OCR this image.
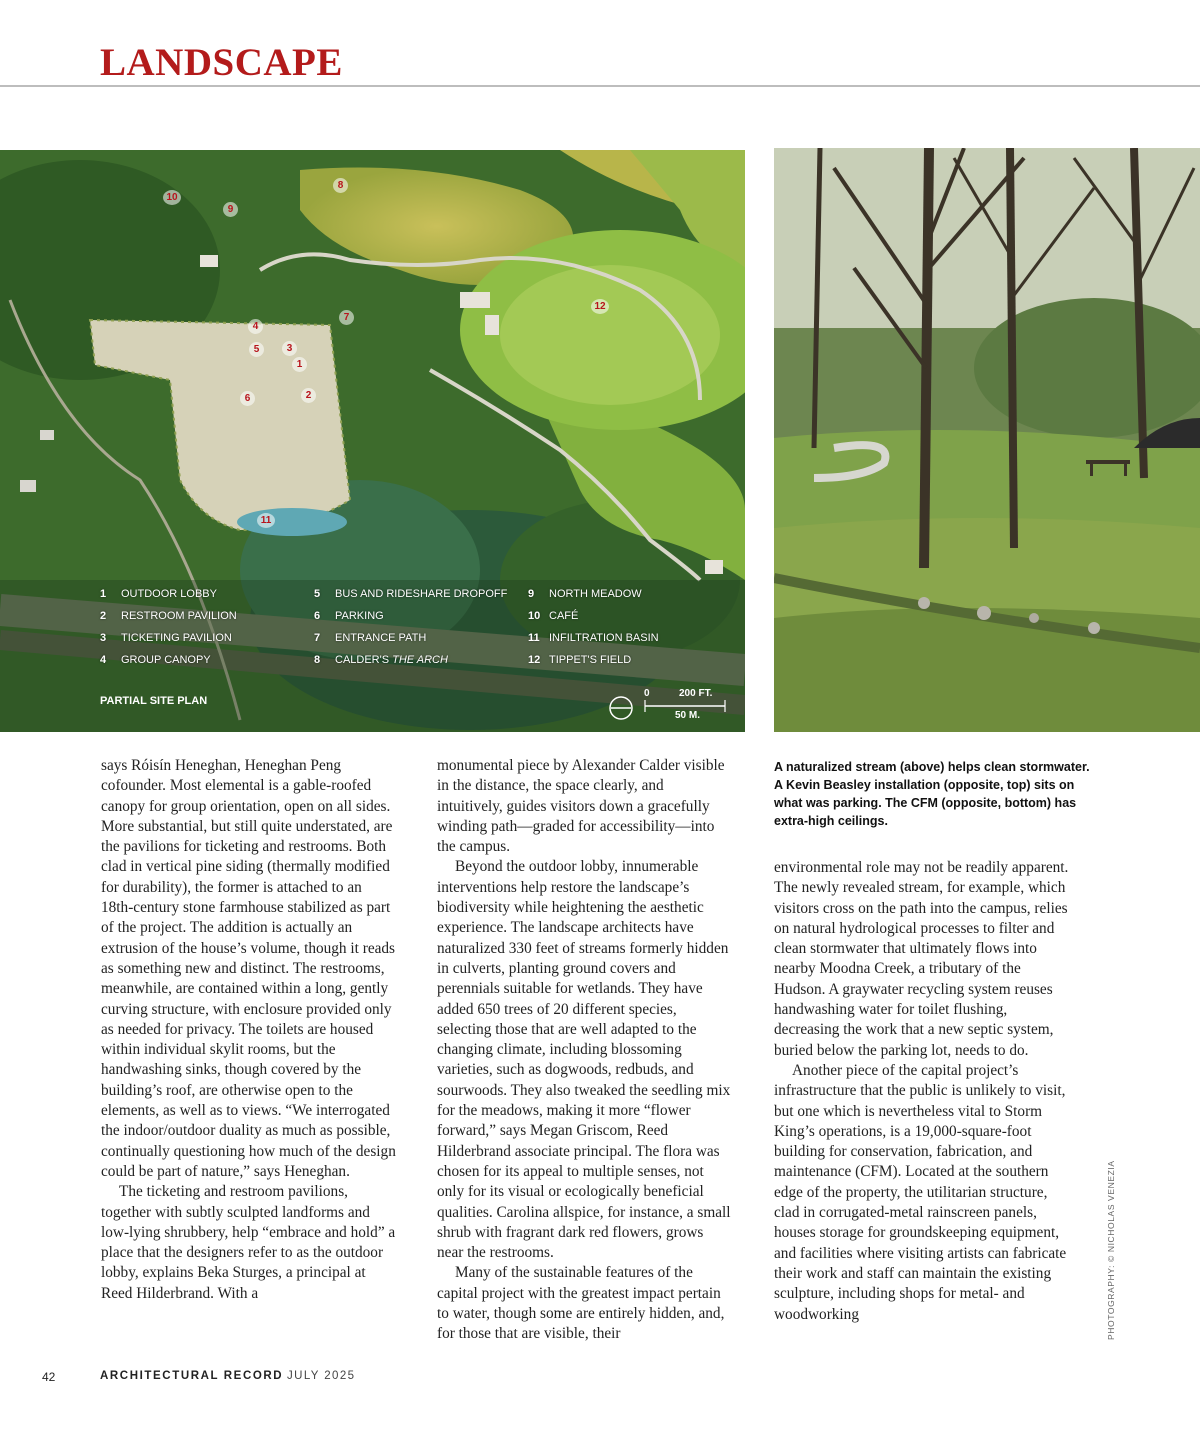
LANDSCAPE
1
2
3
4
5
6
7
8
9
10
11
12
PARTIAL SITE PLAN
0	200 FT.
50 M.
1 OUTDOOR LOBBY
2 RESTROOM PAVILION
3 TICKETING PAVILION
4 GROUP CANOPY
5 BUS AND RIDESHARE DROPOFF
6 PARKING
7 ENTRANCE PATH
8 CALDER'S THE ARCH
9 NORTH MEADOW
10 CAFÉ
11 INFILTRATION BASIN
12 TIPPET'S FIELD
A naturalized stream (above) helps clean stormwater. A Kevin Beasley installation (opposite, top) sits on what was parking. The CFM (opposite, bottom) has extra-high ceilings.

says Róisín Heneghan, Heneghan Peng cofounder. Most elemental is a gable-roofed canopy for group orientation, open on all sides. More substantial, but still quite understated, are the pavilions for ticketing and restrooms. Both clad in vertical pine siding (thermally modified for durability), the former is attached to an 18th-century stone farmhouse stabilized as part of the project. The addition is actually an extrusion of the house’s volume, though it reads as something new and distinct. The restrooms, meanwhile, are contained within a long, gently curving structure, with enclosure provided only as needed for privacy. The toilets are housed within individual skylit rooms, but the handwashing sinks, though covered by the building’s roof, are otherwise open to the elements, as well as to views. “We interrogated the indoor/outdoor duality as much as possible, continually questioning how much of the design could be part of nature,” says Heneghan.

The ticketing and restroom pavilions, together with subtly sculpted landforms and low-lying shrubbery, help “embrace and hold” a place that the designers refer to as the outdoor lobby, explains Beka Sturges, a principal at Reed Hilderbrand. With a

monumental piece by Alexander Calder visible in the distance, the space clearly, and intuitively, guides visitors down a gracefully winding path—graded for accessibility—into the campus.

Beyond the outdoor lobby, innumerable interventions help restore the landscape’s biodiversity while heightening the aesthetic experience. The landscape architects have naturalized 330 feet of streams formerly hidden in culverts, planting ground covers and perennials suitable for wetlands. They have added 650 trees of 20 different species, selecting those that are well adapted to the changing climate, including blossoming varieties, such as dogwoods, redbuds, and sourwoods. They also tweaked the seedling mix for the meadows, making it more “flower forward,” says Megan Griscom, Reed Hilderbrand associate principal. The flora was chosen for its appeal to multiple senses, not only for its visual or ecologically beneficial qualities. Carolina allspice, for instance, a small shrub with fragrant dark red flowers, grows near the restrooms.

Many of the sustainable features of the capital project with the greatest impact pertain to water, though some are entirely hidden, and, for those that are visible, their

environmental role may not be readily apparent. The newly revealed stream, for example, which visitors cross on the path into the campus, relies on natural hydrological processes to filter and clean stormwater that ultimately flows into nearby Moodna Creek, a tributary of the Hudson. A graywater recycling system reuses handwashing water for toilet flushing, decreasing the work that a new septic system, buried below the parking lot, needs to do.

Another piece of the capital project’s infrastructure that the public is unlikely to visit, but one which is nevertheless vital to Storm King’s operations, is a 19,000-square-foot building for conservation, fabrication, and maintenance (CFM). Located at the southern edge of the property, the utilitarian structure, clad in corrugated-metal rainscreen panels, houses storage for groundskeeping equipment, and facilities where visiting artists can fabricate their work and staff can maintain the existing sculpture, including shops for metal- and woodworking	PHOTOGRAPHY: © NICHOLAS VENEZIA
42	ARCHITECTURAL RECORD JULY 2025
